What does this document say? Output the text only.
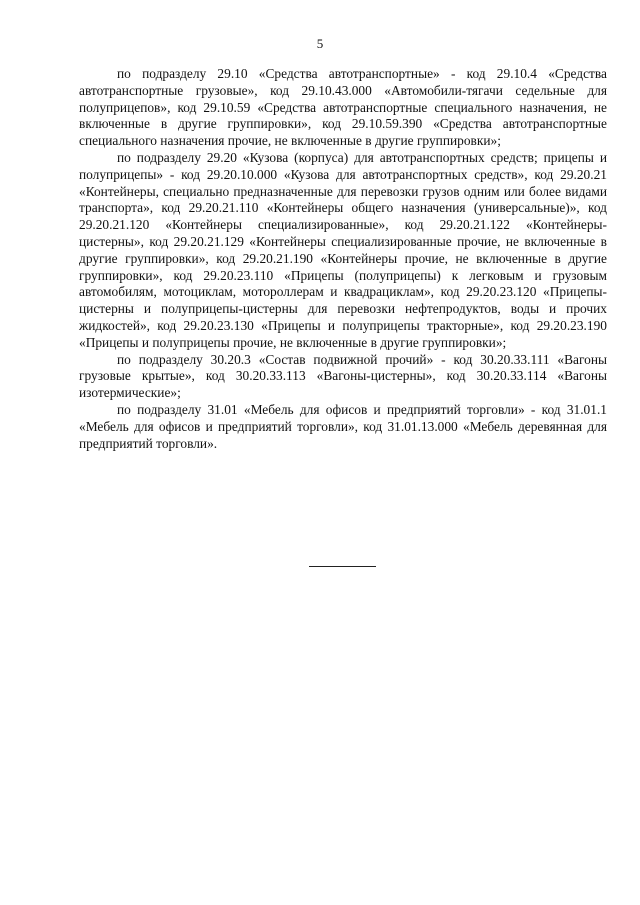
5

по подразделу 29.10 «Средства автотранспортные» - код 29.10.4 «Средства автотранспортные грузовые», код 29.10.43.000 «Автомобили-тягачи седельные для полуприцепов», код 29.10.59 «Средства автотранспортные специального назначения, не включенные в другие группировки», код 29.10.59.390 «Средства автотранспортные специального назначения прочие, не включенные в другие группировки»;

по подразделу 29.20 «Кузова (корпуса) для автотранспортных средств; прицепы и полуприцепы» - код 29.20.10.000 «Кузова для автотранспортных средств», код 29.20.21 «Контейнеры, специально предназначенные для перевозки грузов одним или более видами транспорта», код 29.20.21.110 «Контейнеры общего назначения (универсальные)», код 29.20.21.120 «Контейнеры специализированные», код 29.20.21.122 «Контейнеры-цистерны», код 29.20.21.129 «Контейнеры специализированные прочие, не включенные в другие группировки», код 29.20.21.190 «Контейнеры прочие, не включенные в другие группировки», код 29.20.23.110 «Прицепы (полуприцепы) к легковым и грузовым автомобилям, мотоциклам, мотороллерам и квадрациклам», код 29.20.23.120 «Прицепы-цистерны и полуприцепы-цистерны для перевозки нефтепродуктов, воды и прочих жидкостей», код 29.20.23.130 «Прицепы и полуприцепы тракторные», код 29.20.23.190 «Прицепы и полуприцепы прочие, не включенные в другие группировки»;

по подразделу 30.20.3 «Состав подвижной прочий» - код 30.20.33.111 «Вагоны грузовые крытые», код 30.20.33.113 «Вагоны-цистерны», код 30.20.33.114 «Вагоны изотермические»;

по подразделу 31.01 «Мебель для офисов и предприятий торговли» - код 31.01.1 «Мебель для офисов и предприятий торговли», код 31.01.13.000 «Мебель деревянная для предприятий торговли».
